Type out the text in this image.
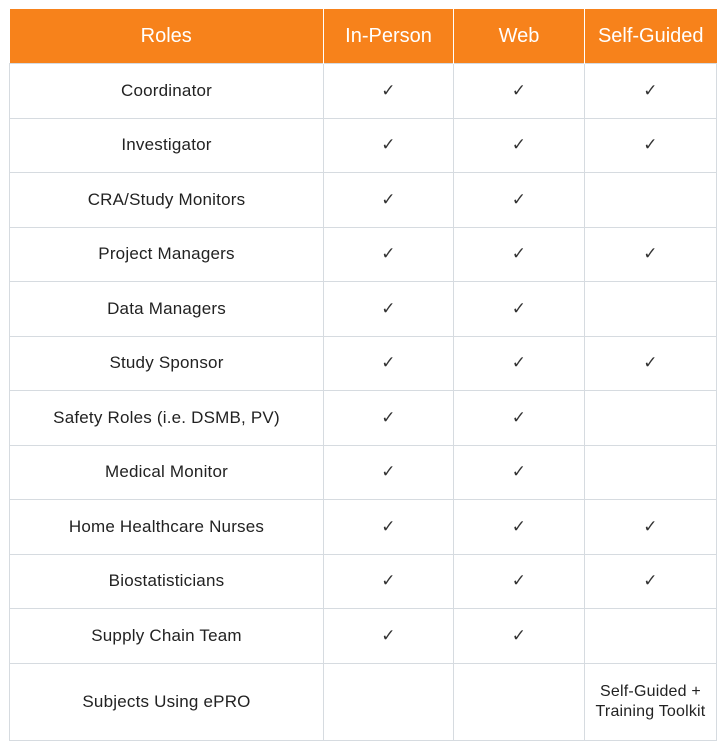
Roles	In-Person	Web	Self-Guided
Coordinator	✓	✓	✓
Investigator	✓	✓	✓
CRA/Study Monitors	✓	✓	
Project Managers	✓	✓	✓
Data Managers	✓	✓	
Study Sponsor	✓	✓	✓
Safety Roles (i.e. DSMB, PV)	✓	✓	
Medical Monitor	✓	✓	
Home Healthcare Nurses	✓	✓	✓
Biostatisticians	✓	✓	✓
Supply Chain Team	✓	✓	
Subjects Using ePRO			Self-Guided + Training Toolkit
